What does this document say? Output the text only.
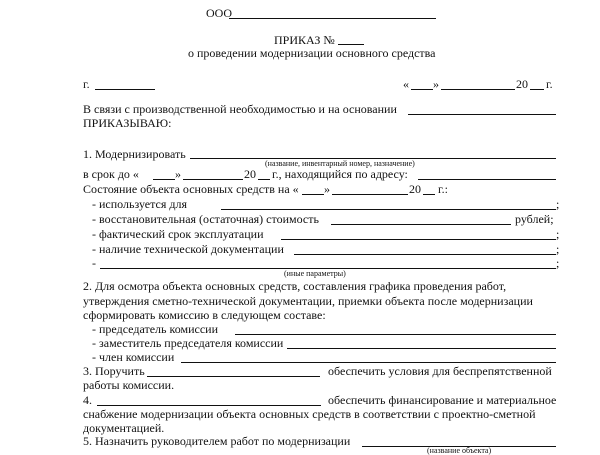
ООО
ПРИКАЗ №
о проведении модернизации основного средства
г.	« »	20 г.
В связи с производственной необходимостью и на основании
ПРИКАЗЫВАЮ:
1. Модернизировать
(название, инвентарный номер, назначение)
в срок до «	»	20 г., находящийся по адресу:
Состояние объекта основных средств на « »	20 г.:
- используется для	;
- восстановительная (остаточная) стоимость	рублей;
- фактический срок эксплуатации	;
- наличие технической документации	;
-	;
(иные параметры)
2. Для осмотра объекта основных средств, составления графика проведения работ,
утверждения сметно-технической документации, приемки объекта после модернизации
сформировать комиссию в следующем составе:
- председатель комиссии
- заместитель председателя комиссии
- член комиссии
3. Поручить	обеспечить условия для беспрепятственной
работы комиссии.
4.	обеспечить финансирование и материальное
снабжение модернизации объекта основных средств в соответствии с проектно-сметной
документацией.
5. Назначить руководителем работ по модернизации
(название объекта)
